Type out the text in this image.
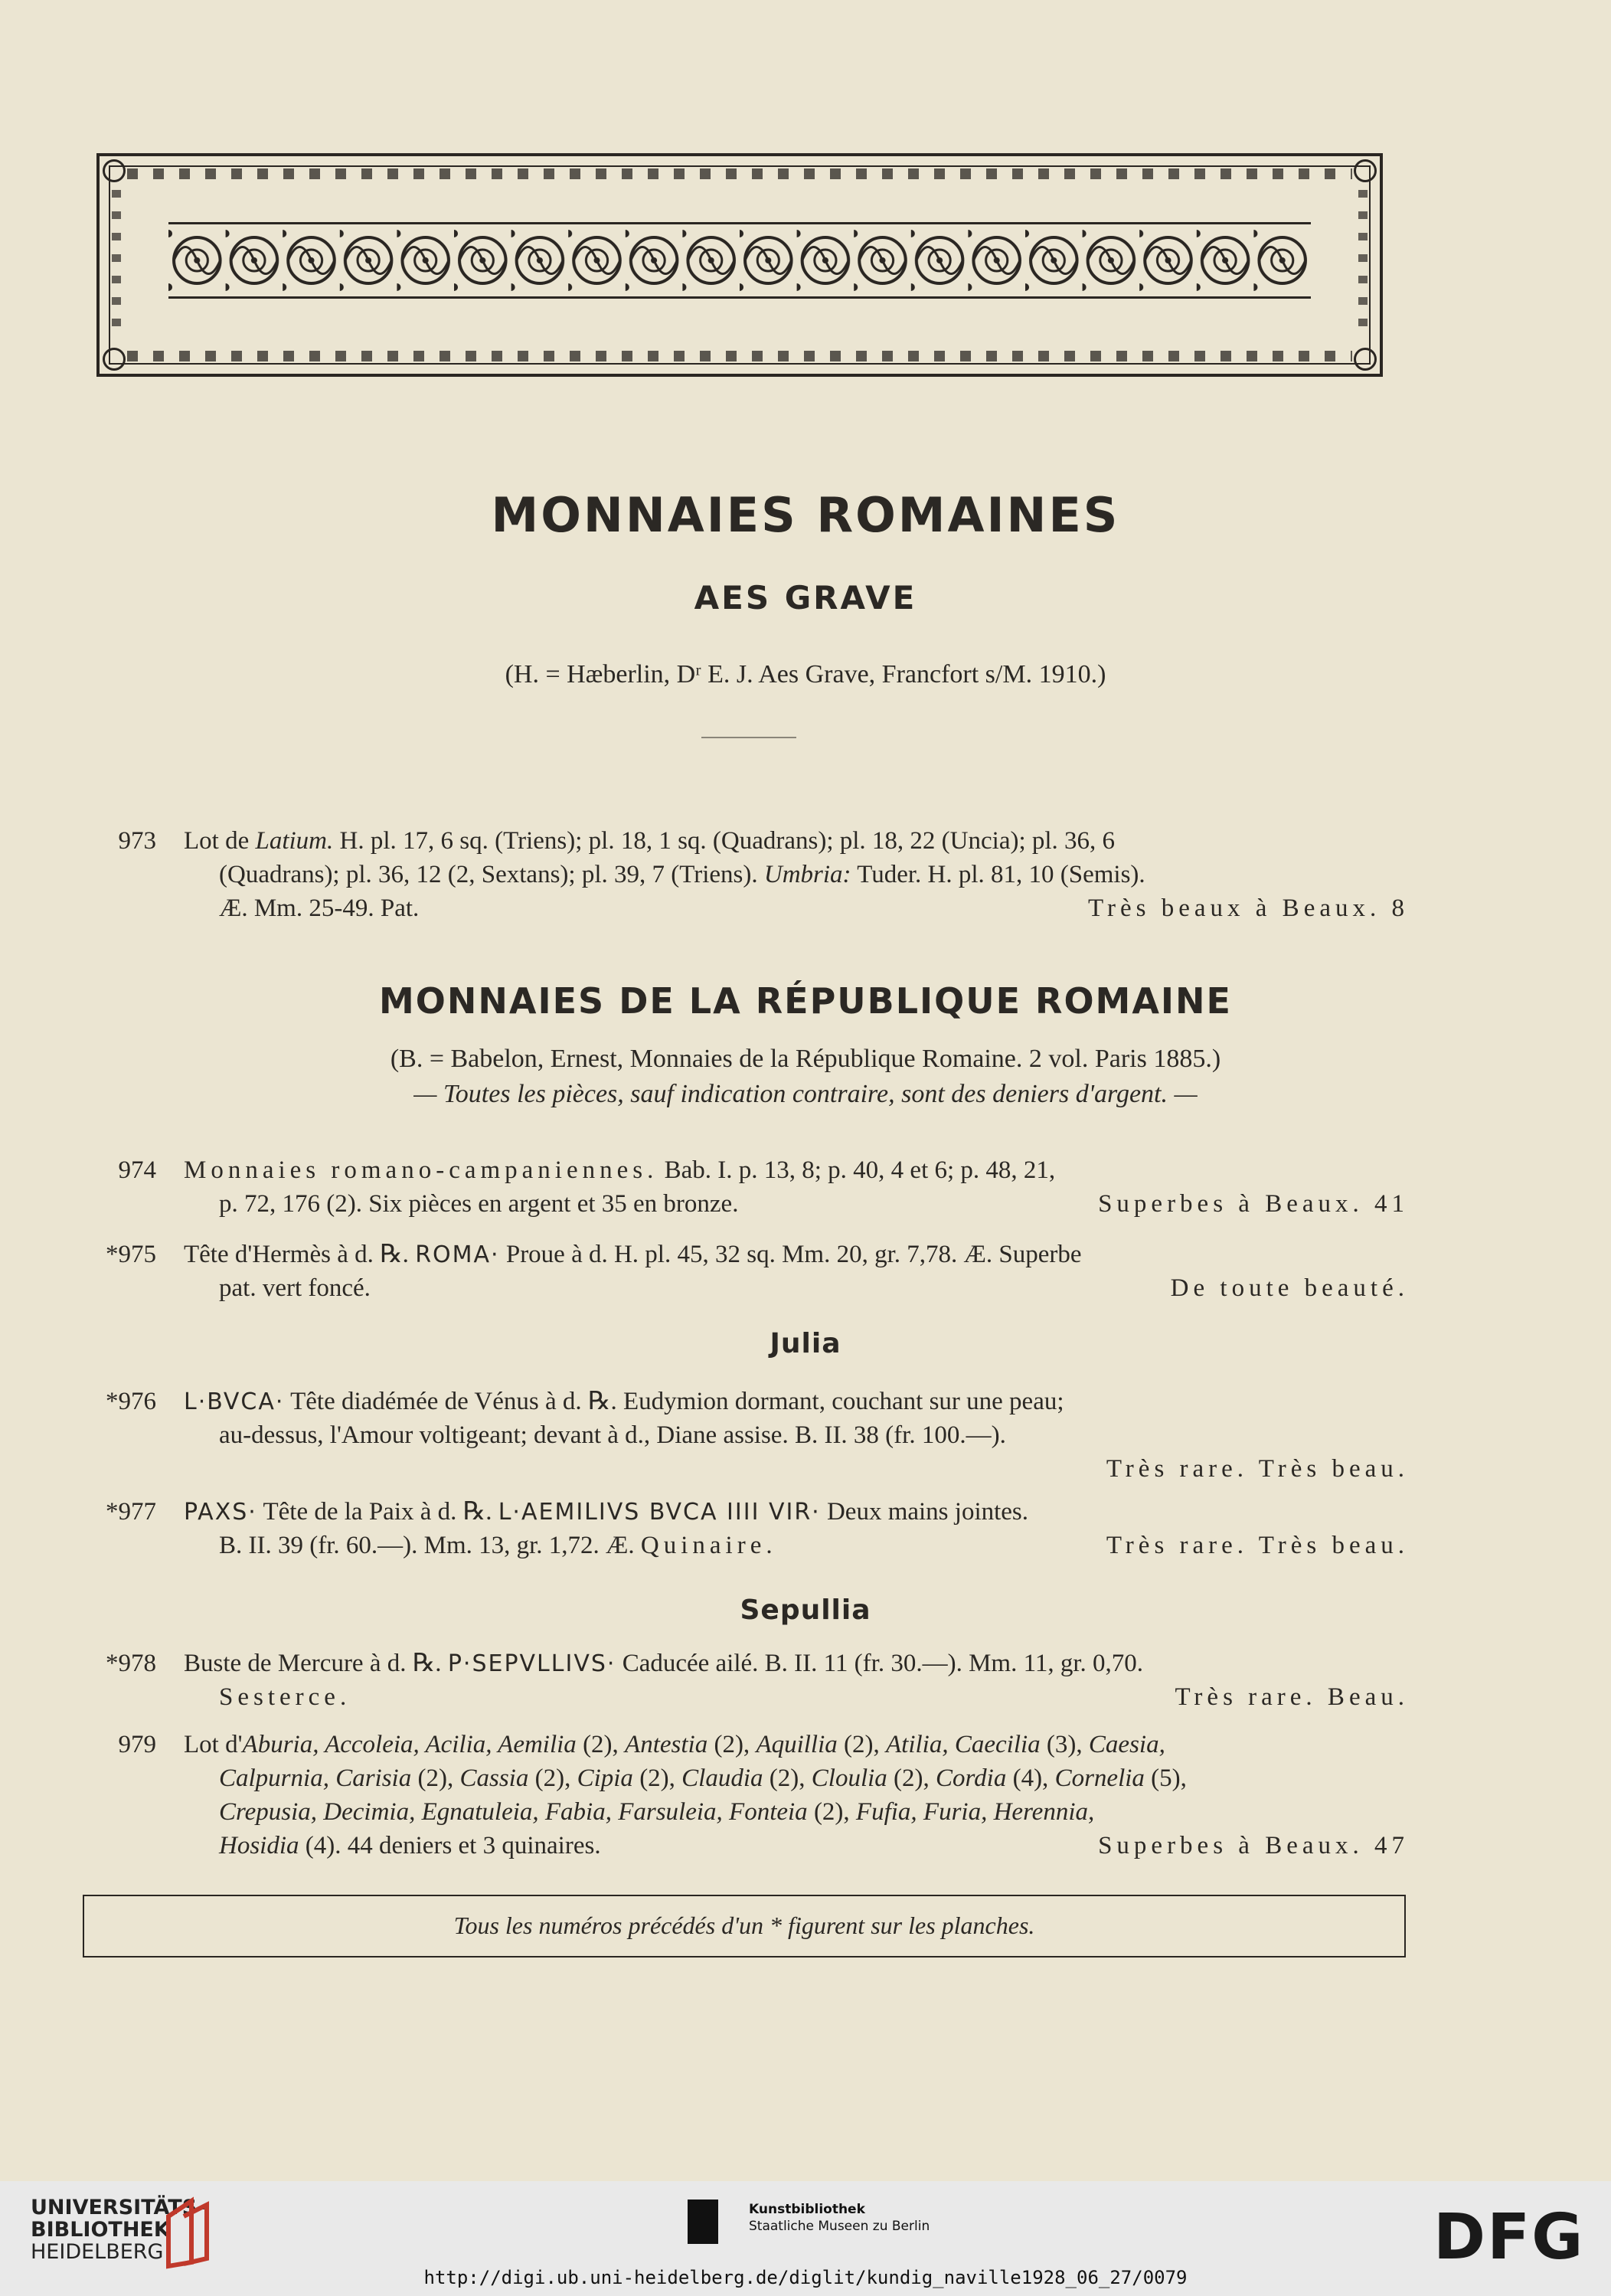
MONNAIES ROMAINES
AES GRAVE

(H. = Hæberlin, Dʳ E. J. Aes Grave, Francfort s/M. 1910.)

973 Lot de Latium. H. pl. 17, 6 sq. (Triens); pl. 18, 1 sq. (Quadrans); pl. 18, 22 (Uncia); pl. 36, 6
(Quadrans); pl. 36, 12 (2, Sextans); pl. 39, 7 (Triens). Umbria: Tuder. H. pl. 81, 10 (Semis).
Æ. Mm. 25-49. Pat.	Très beaux à Beaux. 8
MONNAIES DE LA RÉPUBLIQUE ROMAINE

(B. = Babelon, Ernest, Monnaies de la République Romaine. 2 vol. Paris 1885.)

— Toutes les pièces, sauf indication contraire, sont des deniers d'argent. —

974 Monnaies romano-campaniennes. Bab. I. p. 13, 8; p. 40, 4 et 6; p. 48, 21,
p. 72, 176 (2). Six pièces en argent et 35 en bronze.	Superbes à Beaux. 41
*975 Tête d'Hermès à d. ℞. ROMA· Proue à d. H. pl. 45, 32 sq. Mm. 20, gr. 7,78. Æ. Superbe
pat. vert foncé.	De toute beauté.
Julia
*976 L·BVCA· Tête diadémée de Vénus à d. ℞. Eudymion dormant, couchant sur une peau;
au-dessus, l'Amour voltigeant; devant à d., Diane assise. B. II. 38 (fr. 100.—).
Très rare. Très beau.
*977 PAXS· Tête de la Paix à d. ℞. L·AEMILIVS BVCA IIII VIR· Deux mains jointes.
B. II. 39 (fr. 60.—). Mm. 13, gr. 1,72. Æ. Quinaire.	Très rare. Très beau.
Sepullia
*978 Buste de Mercure à d. ℞. P·SEPVLLIVS· Caducée ailé. B. II. 11 (fr. 30.—). Mm. 11, gr. 0,70.
Sesterce.	Très rare. Beau.
979 Lot d'Aburia, Accoleia, Acilia, Aemilia (2), Antestia (2), Aquillia (2), Atilia, Caecilia (3), Caesia,
Calpurnia, Carisia (2), Cassia (2), Cipia (2), Claudia (2), Cloulia (2), Cordia (4), Cornelia (5),
Crepusia, Decimia, Egnatuleia, Fabia, Farsuleia, Fonteia (2), Fufia, Furia, Herennia,
Hosidia (4). 44 deniers et 3 quinaires.	Superbes à Beaux. 47
Tous les numéros précédés d'un * figurent sur les planches.
UNIVERSITÄTS-
BIBLIOTHEK
HEIDELBERG
Kunstbibliothek
Staatliche Museen zu Berlin	DFG
http://digi.ub.uni-heidelberg.de/diglit/kundig_naville1928_06_27/0079
